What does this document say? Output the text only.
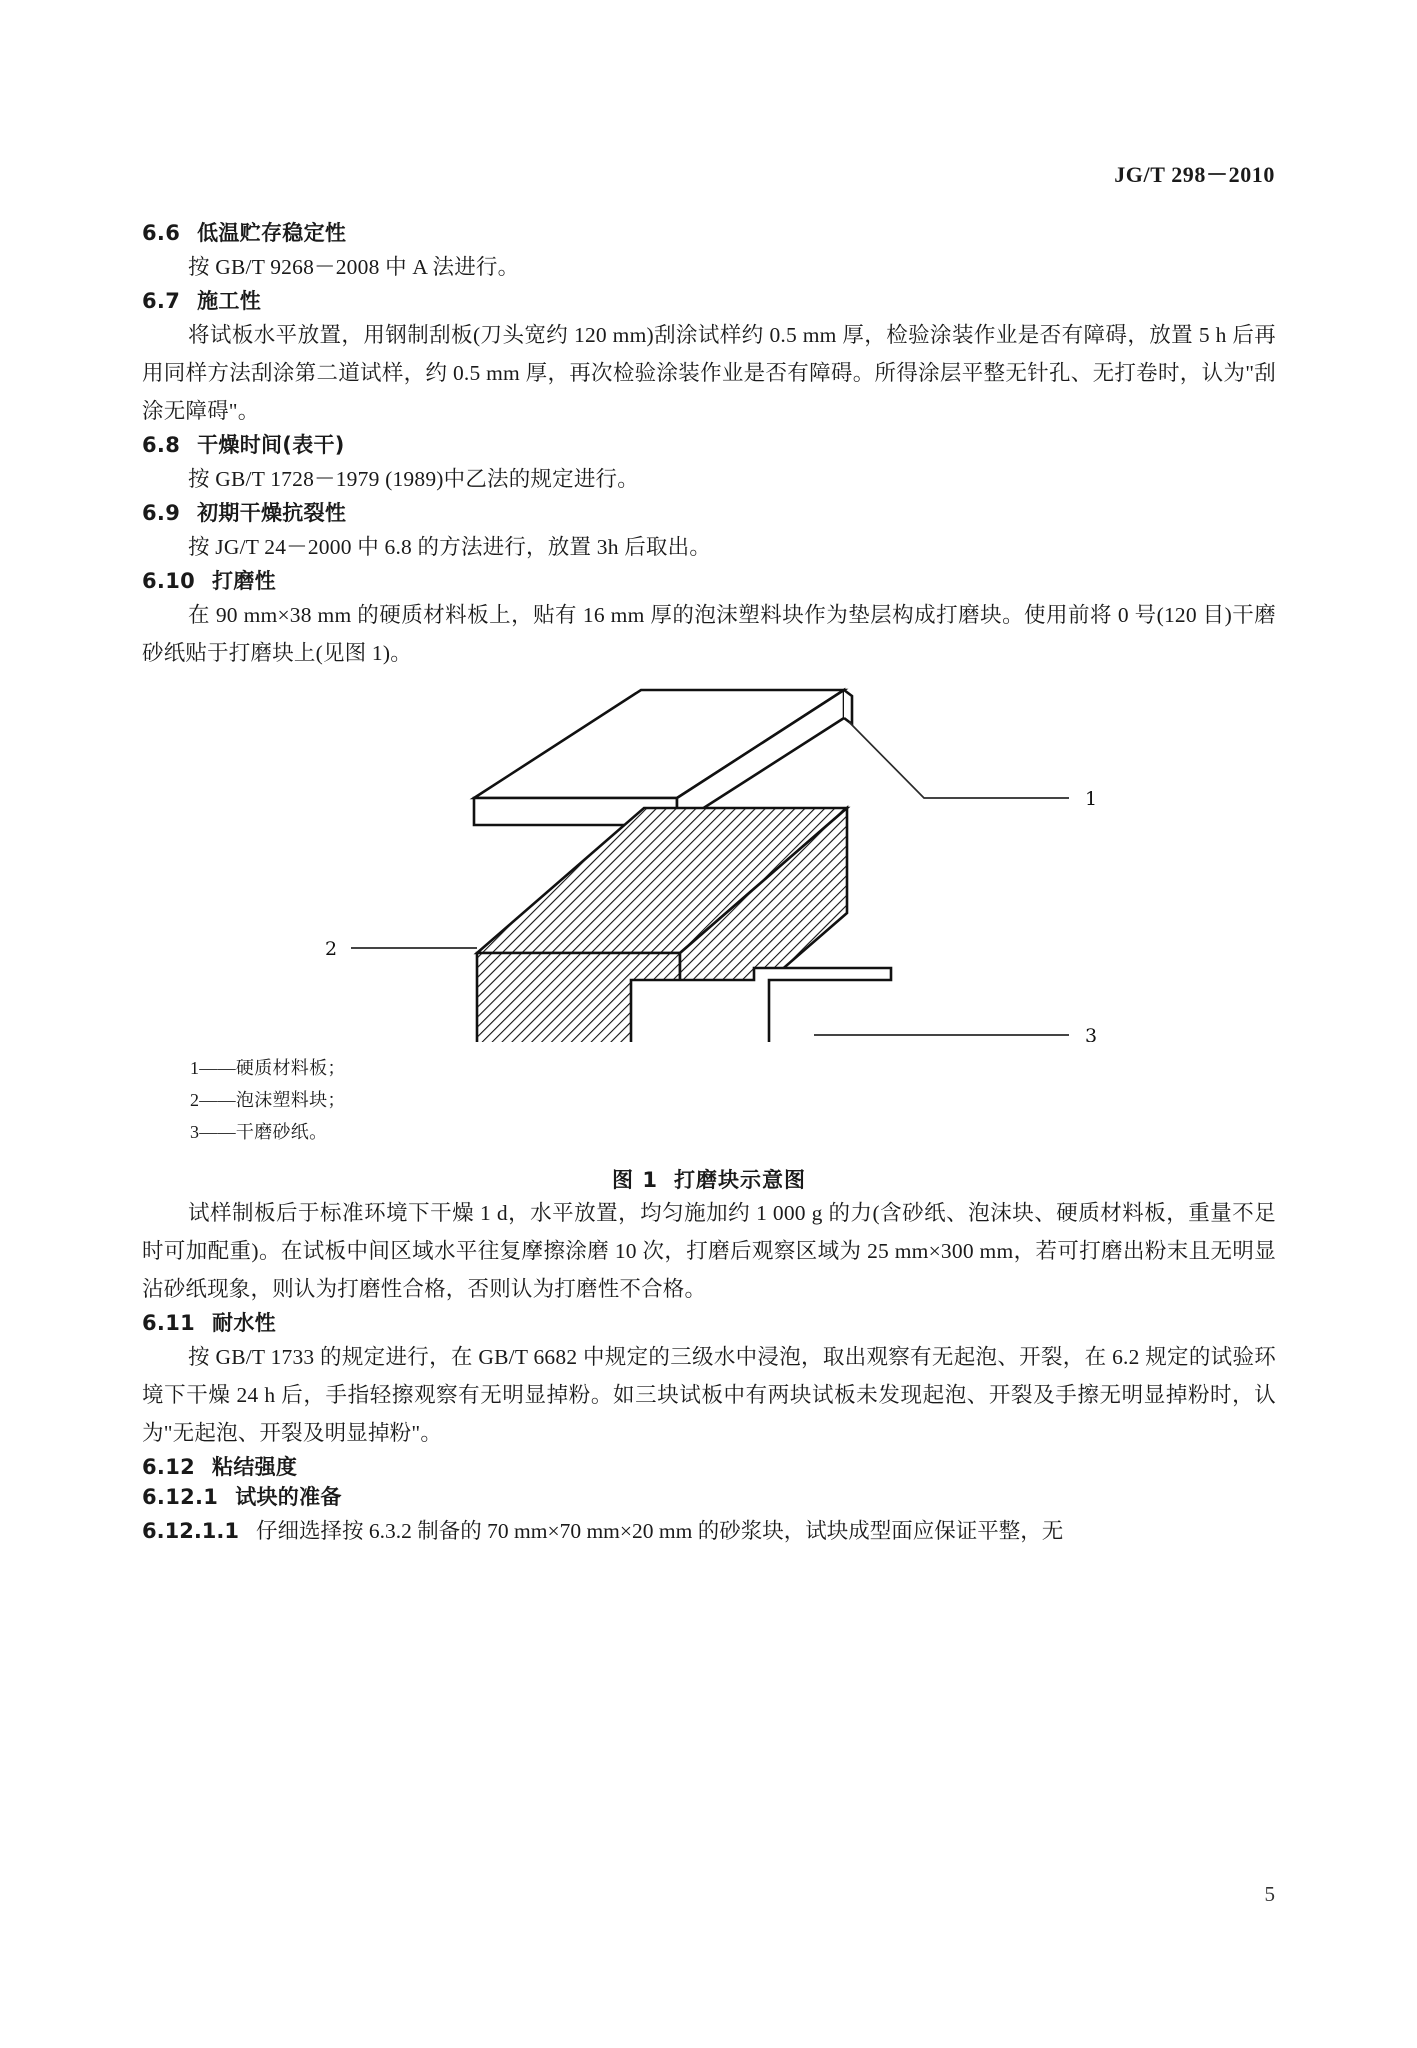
JG/T 298－2010
6.6 低温贮存稳定性

按 GB/T 9268－2008 中 A 法进行。

6.7 施工性

将试板水平放置，用钢制刮板(刀头宽约 120 mm)刮涂试样约 0.5 mm 厚，检验涂装作业是否有障碍，放置 5 h 后再用同样方法刮涂第二道试样，约 0.5 mm 厚，再次检验涂装作业是否有障碍。所得涂层平整无针孔、无打卷时，认为"刮涂无障碍"。

6.8 干燥时间(表干)

按 GB/T 1728－1979 (1989)中乙法的规定进行。

6.9 初期干燥抗裂性

按 JG/T 24－2000 中 6.8 的方法进行，放置 3h 后取出。

6.10 打磨性

在 90 mm×38 mm 的硬质材料板上，贴有 16 mm 厚的泡沫塑料块作为垫层构成打磨块。使用前将 0 号(120 目)干磨砂纸贴于打磨块上(见图 1)。

1
2
3
1——硬质材料板；
2——泡沫塑料块；
3——干磨砂纸。
图 1 打磨块示意图

试样制板后于标准环境下干燥 1 d，水平放置，均匀施加约 1 000 g 的力(含砂纸、泡沫块、硬质材料板，重量不足时可加配重)。在试板中间区域水平往复摩擦涂磨 10 次，打磨后观察区域为 25 mm×300 mm，若可打磨出粉末且无明显沾砂纸现象，则认为打磨性合格，否则认为打磨性不合格。

6.11 耐水性

按 GB/T 1733 的规定进行，在 GB/T 6682 中规定的三级水中浸泡，取出观察有无起泡、开裂，在 6.2 规定的试验环境下干燥 24 h 后，手指轻擦观察有无明显掉粉。如三块试板中有两块试板未发现起泡、开裂及手擦无明显掉粉时，认为"无起泡、开裂及明显掉粉"。

6.12 粘结强度
6.12.1 试块的准备

6.12.1.1 仔细选择按 6.3.2 制备的 70 mm×70 mm×20 mm 的砂浆块，试块成型面应保证平整，无

5
